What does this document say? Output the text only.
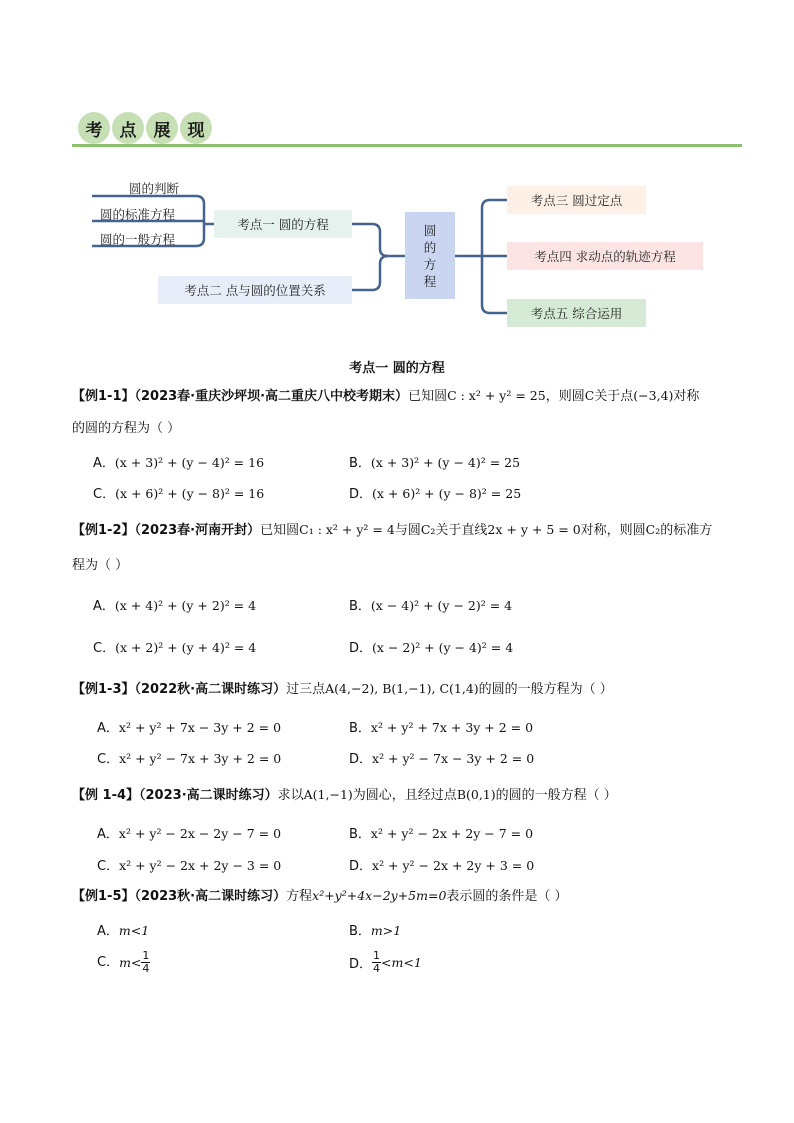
考	点	展	现
圆的判断
圆的标准方程
圆的一般方程
考点一 圆的方程
考点二 点与圆的位置关系
圆
的
方
程
考点三 圆过定点
考点四 求动点的轨迹方程
考点五 综合运用
考点一 圆的方程
【例1-1】（2023春·重庆沙坪坝·高二重庆八中校考期末）已知圆C : x² + y² = 25，则圆C关于点(−3,4)对称
的圆的方程为（ ）
A．(x + 3)² + (y − 4)² = 16	B．(x + 3)² + (y − 4)² = 25
C．(x + 6)² + (y − 8)² = 16	D．(x + 6)² + (y − 8)² = 25
【例1-2】（2023春·河南开封）已知圆C₁ : x² + y² = 4与圆C₂关于直线2x + y + 5 = 0对称，则圆C₂的标准方
程为（ ）
A．(x + 4)² + (y + 2)² = 4	B．(x − 4)² + (y − 2)² = 4
C．(x + 2)² + (y + 4)² = 4	D．(x − 2)² + (y − 4)² = 4
【例1-3】（2022秋·高二课时练习）过三点A(4,−2), B(1,−1), C(1,4)的圆的一般方程为（ ）
A．x² + y² + 7x − 3y + 2 = 0	B．x² + y² + 7x + 3y + 2 = 0
C．x² + y² − 7x + 3y + 2 = 0	D．x² + y² − 7x − 3y + 2 = 0
【例 1-4】（2023·高二课时练习）求以A(1,−1)为圆心，且经过点B(0,1)的圆的一般方程（ ）
A．x² + y² − 2x − 2y − 7 = 0	B．x² + y² − 2x + 2y − 7 = 0
C．x² + y² − 2x + 2y − 3 = 0	D．x² + y² − 2x + 2y + 3 = 0
【例1-5】（2023秋·高二课时练习）方程x²+y²+4x−2y+5m=0表示圆的条件是（ ）
A．m<1	B．m>1
C．$m< \frac{1}{4}$	D． $\frac{1}{4} <m<1$
